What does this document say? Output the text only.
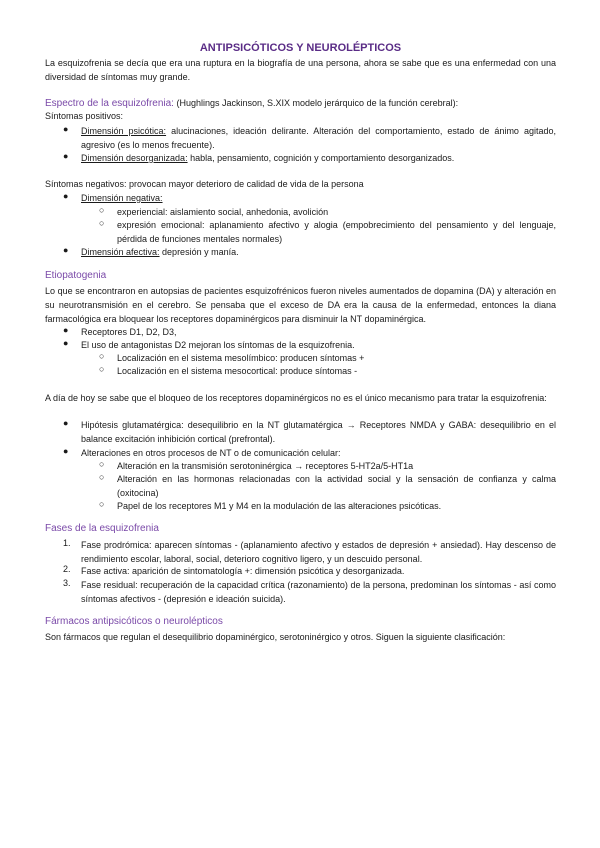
ANTIPSICÓTICOS Y NEUROLÉPTICOS
La esquizofrenia se decía que era una ruptura en la biografía de una persona, ahora se sabe que es una enfermedad con una diversidad de síntomas muy grande.
Espectro de la esquizofrenia: (Hughlings Jackinson, S.XIX modelo jerárquico de la función cerebral):
Síntomas positivos:
● Dimensión psicótica: alucinaciones, ideación delirante. Alteración del comportamiento, estado de ánimo agitado, agresivo (es lo menos frecuente).
● Dimensión desorganizada: habla, pensamiento, cognición y comportamiento desorganizados.
Síntomas negativos: provocan mayor deterioro de calidad de vida de la persona
● Dimensión negativa:
○ experiencial: aislamiento social, anhedonia, avolición
○ expresión emocional: aplanamiento afectivo y alogia (empobrecimiento del pensamiento y del lenguaje, pérdida de funciones mentales normales)
● Dimensión afectiva: depresión y manía.
Etiopatogenia
Lo que se encontraron en autopsias de pacientes esquizofrénicos fueron niveles aumentados de dopamina (DA) y alteración en su neurotransmisión en el cerebro. Se pensaba que el exceso de DA era la causa de la enfermedad, entonces la diana farmacológica era bloquear los receptores dopaminérgicos para disminuir la NT dopaminérgica.
● Receptores D1, D2, D3,
● El uso de antagonistas D2 mejoran los síntomas de la esquizofrenia.
○ Localización en el sistema mesolímbico: producen síntomas +
○ Localización en el sistema mesocortical: produce síntomas -
A día de hoy se sabe que el bloqueo de los receptores dopaminérgicos no es el único mecanismo para tratar la esquizofrenia:
● Hipótesis glutamatérgica: desequilibrio en la NT glutamatérgica → Receptores NMDA y GABA: desequilibrio en el balance excitación inhibición cortical (prefrontal).
● Alteraciones en otros procesos de NT o de comunicación celular:
○ Alteración en la transmisión serotoninérgica → receptores 5-HT2a/5-HT1a
○ Alteración en las hormonas relacionadas con la actividad social y la sensación de confianza y calma (oxitocina)
○ Papel de los receptores M1 y M4 en la modulación de las alteraciones psicóticas.
Fases de la esquizofrenia
1. Fase prodrómica: aparecen síntomas - (aplanamiento afectivo y estados de depresión + ansiedad). Hay descenso de rendimiento escolar, laboral, social, deterioro cognitivo ligero, y un descuido personal.
2. Fase activa: aparición de sintomatología +: dimensión psicótica y desorganizada.
3. Fase residual: recuperación de la capacidad crítica (razonamiento) de la persona, predominan los síntomas - así como síntomas afectivos - (depresión e ideación suicida).
Fármacos antipsicóticos o neurolépticos
Son fármacos que regulan el desequilibrio dopaminérgico, serotoninérgico y otros. Siguen la siguiente clasificación:
